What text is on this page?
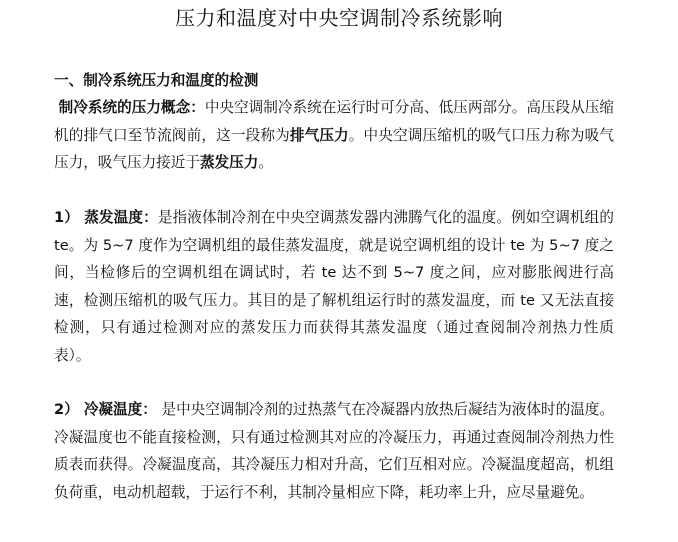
压力和温度对中央空调制冷系统影响

一、制冷系统压力和温度的检测

制冷系统的压力概念：中央空调制冷系统在运行时可分高、低压两部分。高压段从压缩机的排气口至节流阀前，这一段称为排气压力。中央空调压缩机的吸气口压力称为吸气压力，吸气压力接近于蒸发压力。

1） 蒸发温度：是指液体制冷剂在中央空调蒸发器内沸腾气化的温度。例如空调机组的 te。为 5~7 度作为空调机组的最佳蒸发温度，就是说空调机组的设计 te 为 5~7 度之间，当检修后的空调机组在调试时，若 te 达不到 5~7 度之间，应对膨胀阀进行高速，检测压缩机的吸气压力。其目的是了解机组运行时的蒸发温度，而 te 又无法直接检测，只有通过检测对应的蒸发压力而获得其蒸发温度（通过查阅制冷剂热力性质表）。

2） 冷凝温度： 是中央空调制冷剂的过热蒸气在冷凝器内放热后凝结为液体时的温度。冷凝温度也不能直接检测，只有通过检测其对应的冷凝压力，再通过查阅制冷剂热力性质表而获得。冷凝温度高，其冷凝压力相对升高，它们互相对应。冷凝温度超高，机组负荷重，电动机超载，于运行不利，其制冷量相应下降，耗功率上升，应尽量避免。
